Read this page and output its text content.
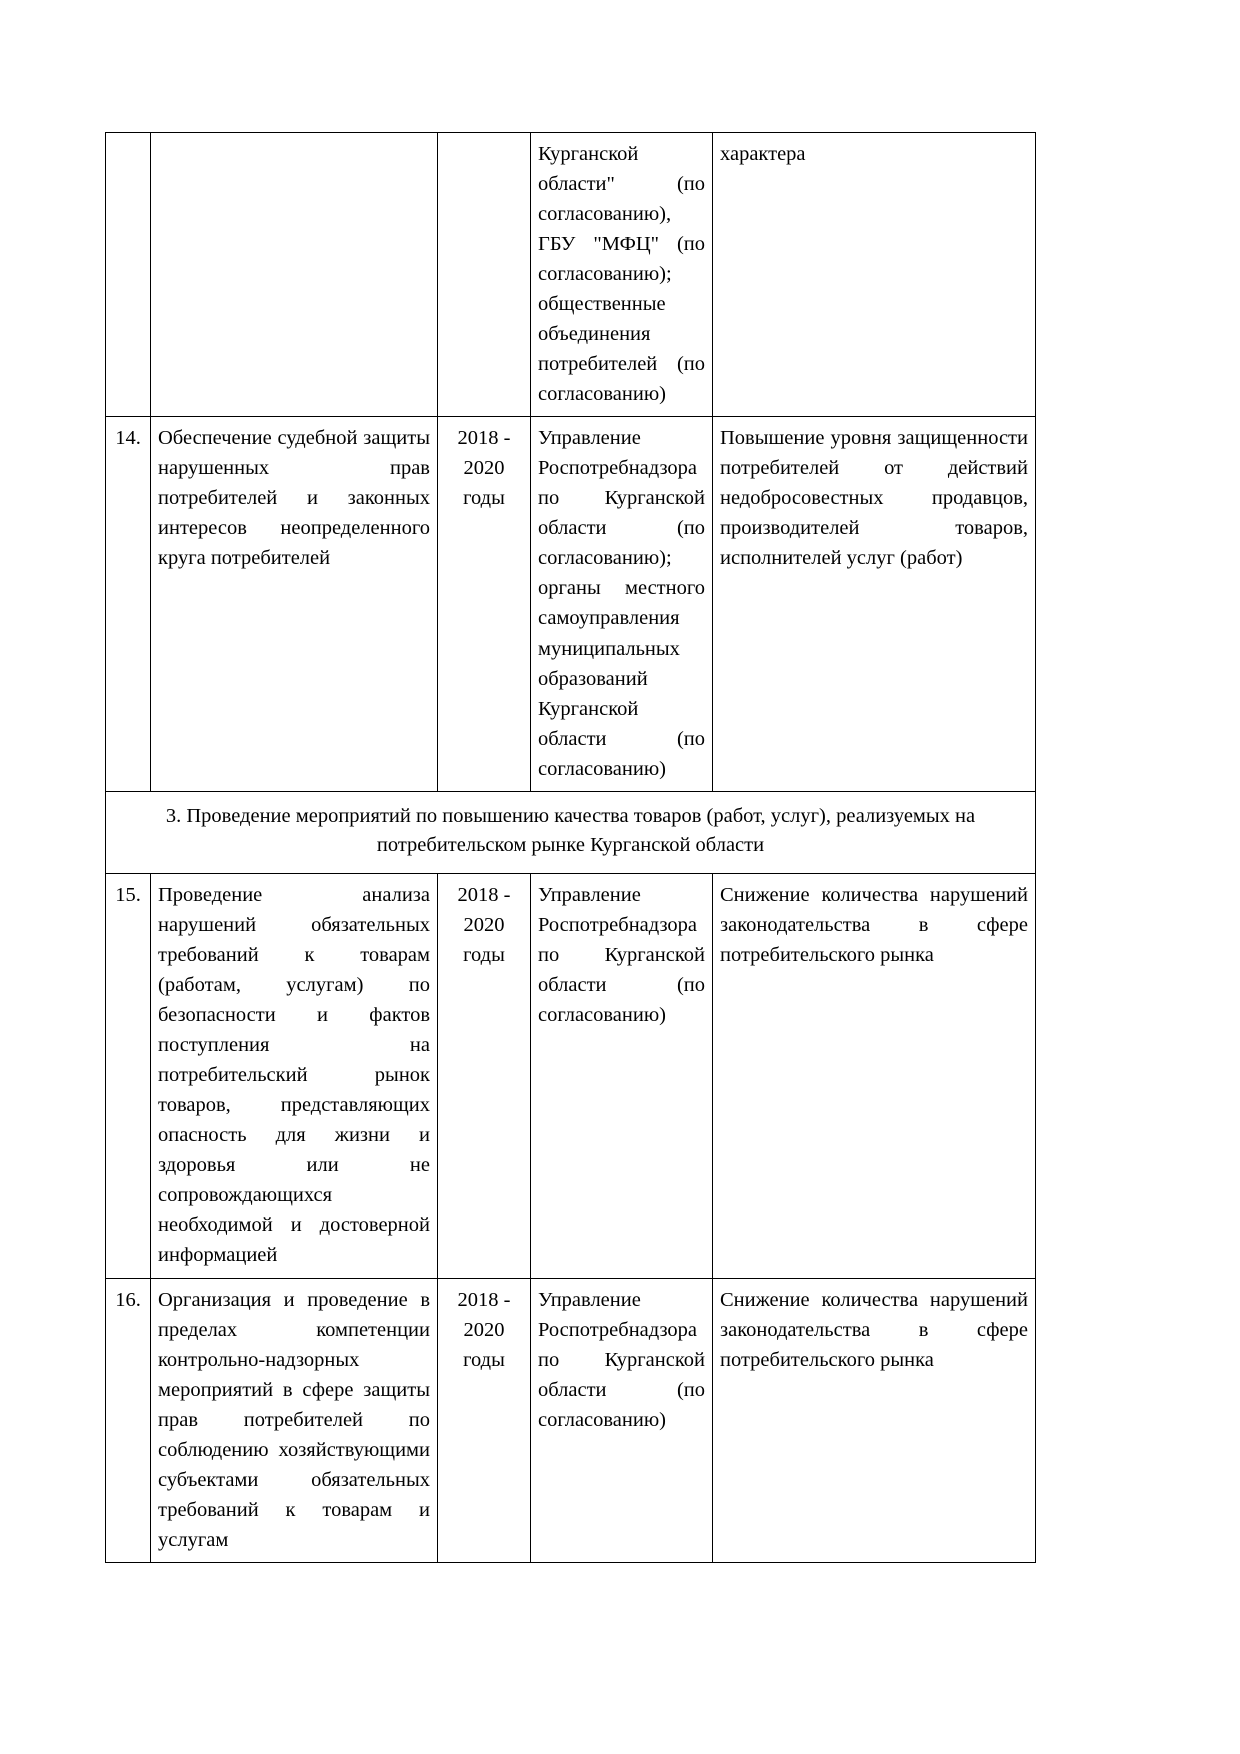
			Курганской области" (по согласованию), ГБУ "МФЦ" (по согласованию); общественные объединения потребителей (по согласованию)	характера

14.	Обеспечение судебной защиты нарушенных прав потребителей и законных интересов неопределенного круга потребителей	2018 - 2020 годы	Управление Роспотребнадзора по Курганской области (по согласованию); органы местного самоуправления муниципальных образований Курганской области (по согласованию)	Повышение уровня защищенности потребителей от действий недобросовестных продавцов, производителей товаров, исполнителей услуг (работ)

3. Проведение мероприятий по повышению качества товаров (работ, услуг), реализуемых на потребительском рынке Курганской области				

15.	Проведение анализа нарушений обязательных требований к товарам (работам, услугам) по безопасности и фактов поступления на потребительский рынок товаров, представляющих опасность для жизни и здоровья или не сопровождающихся необходимой и достоверной информацией	2018 - 2020 годы	Управление Роспотребнадзора по Курганской области (по согласованию)	Снижение количества нарушений законодательства в сфере потребительского рынка

16.	Организация и проведение в пределах компетенции контрольно-надзорных мероприятий в сфере защиты прав потребителей по соблюдению хозяйствующими субъектами обязательных требований к товарам и услугам	2018 - 2020 годы	Управление Роспотребнадзора по Курганской области (по согласованию)	Снижение количества нарушений законодательства в сфере потребительского рынка
